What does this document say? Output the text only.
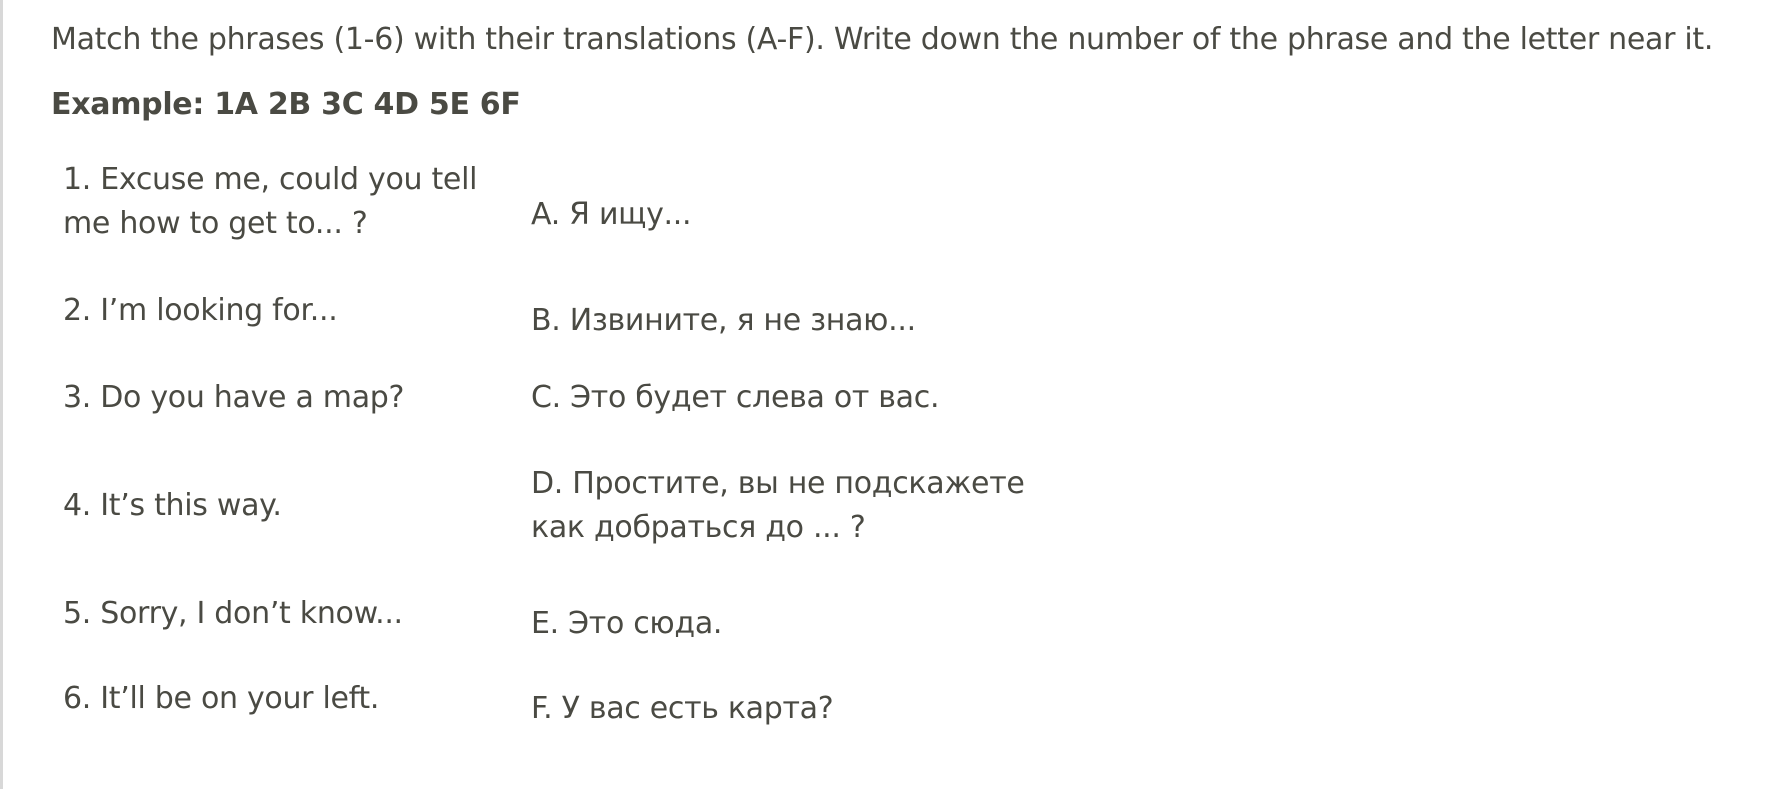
Match the phrases (1-6) with their translations (A-F). Write down the number of the phrase and the letter near it.
Example: 1A 2B 3C 4D 5E 6F
1. Excuse me, could you tell
me how to get to... ?
2. I’m looking for...
3. Do you have a map?
4. It’s this way.
5. Sorry, I don’t know...
6. It’ll be on your left.
A. Я ищу...
B. Извините, я не знаю...
C. Это будет слева от вас.
D. Простите, вы не подскажете
как добраться до ... ?
E. Это сюда.
F. У вас есть карта?
